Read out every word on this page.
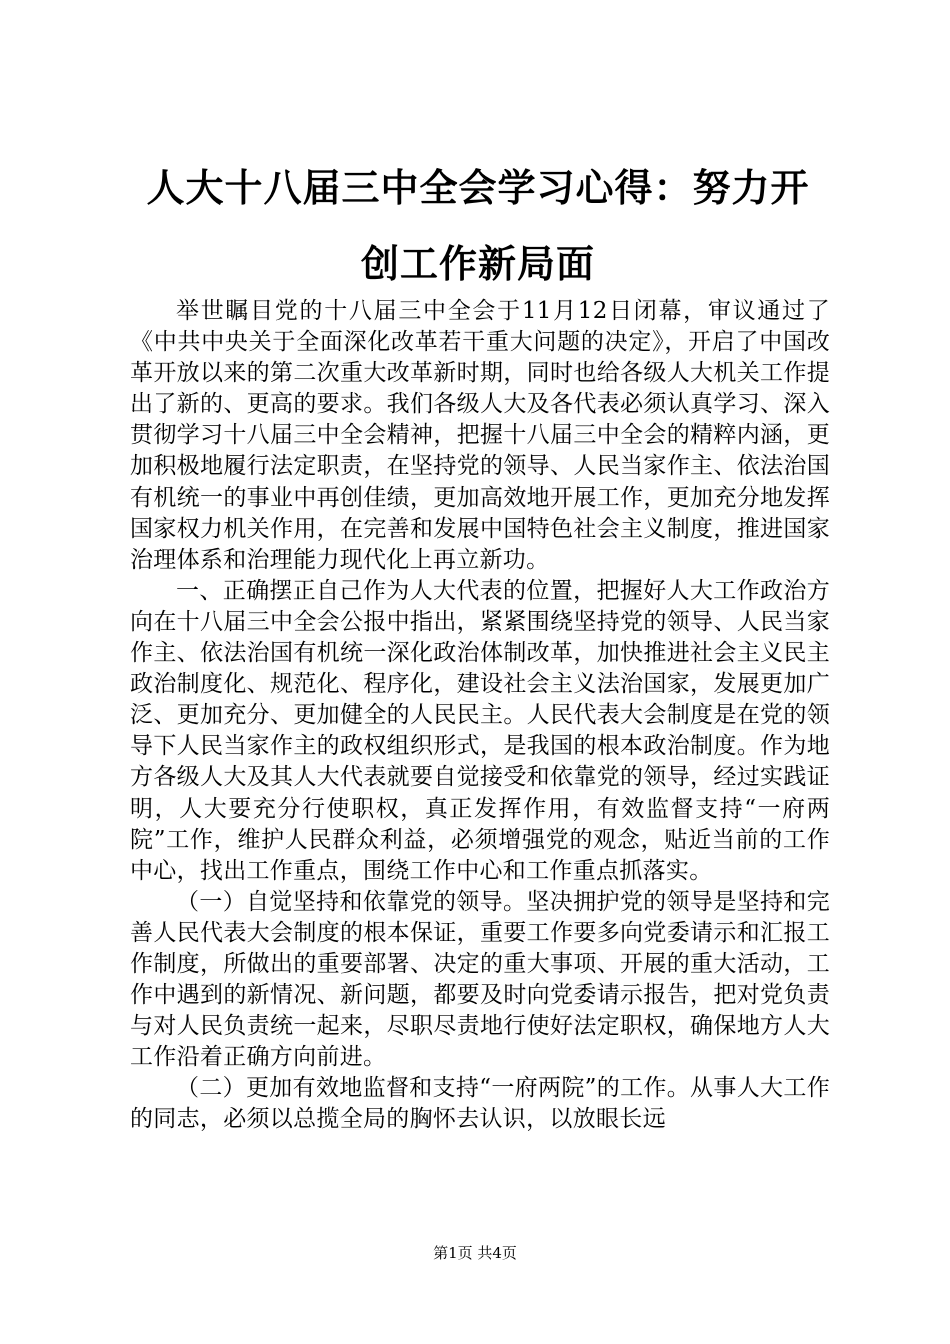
人大十八届三中全会学习心得：努力开创工作新局面

举世瞩目党的十八届三中全会于11月12日闭幕，审议通过了《中共中央关于全面深化改革若干重大问题的决定》，开启了中国改革开放以来的第二次重大改革新时期，同时也给各级人大机关工作提出了新的、更高的要求。我们各级人大及各代表必须认真学习、深入贯彻学习十八届三中全会精神，把握十八届三中全会的精粹内涵，更加积极地履行法定职责，在坚持党的领导、人民当家作主、依法治国有机统一的事业中再创佳绩，更加高效地开展工作，更加充分地发挥国家权力机关作用，在完善和发展中国特色社会主义制度，推进国家治理体系和治理能力现代化上再立新功。

一、正确摆正自己作为人大代表的位置，把握好人大工作政治方向在十八届三中全会公报中指出，紧紧围绕坚持党的领导、人民当家作主、依法治国有机统一深化政治体制改革，加快推进社会主义民主政治制度化、规范化、程序化，建设社会主义法治国家，发展更加广泛、更加充分、更加健全的人民民主。人民代表大会制度是在党的领导下人民当家作主的政权组织形式，是我国的根本政治制度。作为地方各级人大及其人大代表就要自觉接受和依靠党的领导，经过实践证明，人大要充分行使职权，真正发挥作用，有效监督支持“一府两院”工作，维护人民群众利益，必须增强党的观念，贴近当前的工作中心，找出工作重点，围绕工作中心和工作重点抓落实。

（一）自觉坚持和依靠党的领导。坚决拥护党的领导是坚持和完善人民代表大会制度的根本保证，重要工作要多向党委请示和汇报工作制度，所做出的重要部署、决定的重大事项、开展的重大活动，工作中遇到的新情况、新问题，都要及时向党委请示报告，把对党负责与对人民负责统一起来，尽职尽责地行使好法定职权，确保地方人大工作沿着正确方向前进。

（二）更加有效地监督和支持“一府两院”的工作。从事人大工作的同志，必须以总揽全局的胸怀去认识，以放眼长远

第1页 共4页
